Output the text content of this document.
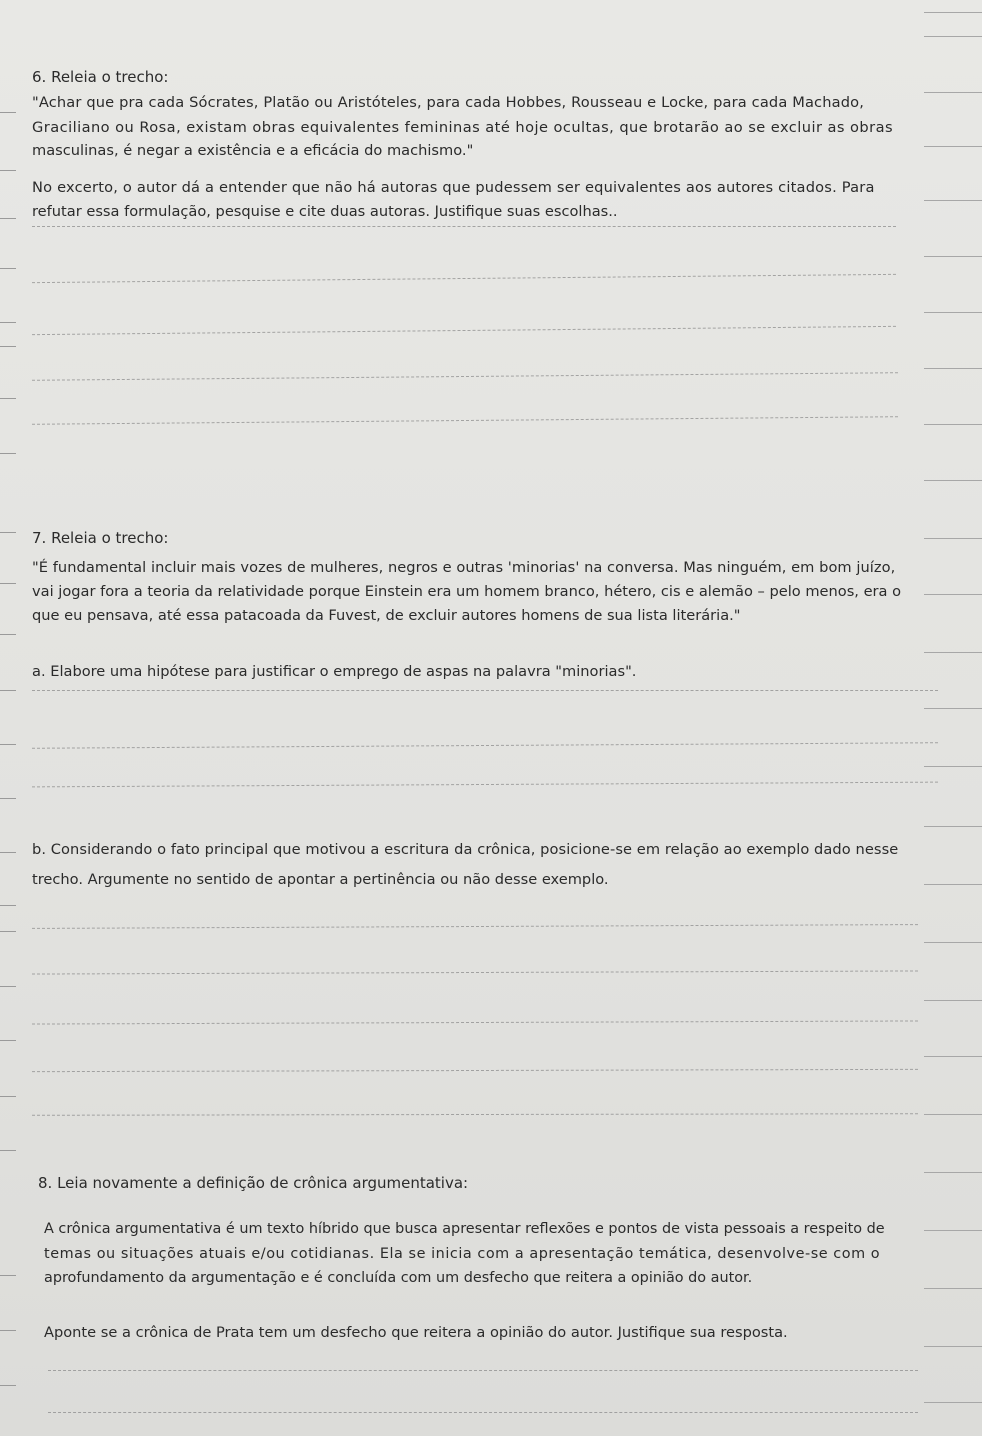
6. Releia o trecho:
"Achar que pra cada Sócrates, Platão ou Aristóteles, para cada Hobbes, Rousseau e Locke, para cada Machado,
Graciliano ou Rosa, existam obras equivalentes femininas até hoje ocultas, que brotarão ao se excluir as obras
masculinas, é negar a existência e a eficácia do machismo."
No excerto, o autor dá a entender que não há autoras que pudessem ser equivalentes aos autores citados. Para
refutar essa formulação, pesquise e cite duas autoras. Justifique suas escolhas..
7. Releia o trecho:
"É fundamental incluir mais vozes de mulheres, negros e outras 'minorias' na conversa. Mas ninguém, em bom juízo,
vai jogar fora a teoria da relatividade porque Einstein era um homem branco, hétero, cis e alemão – pelo menos, era o
que eu pensava, até essa patacoada da Fuvest, de excluir autores homens de sua lista literária."
a. Elabore uma hipótese para justificar o emprego de aspas na palavra "minorias".
b. Considerando o fato principal que motivou a escritura da crônica, posicione-se em relação ao exemplo dado nesse
trecho. Argumente no sentido de apontar a pertinência ou não desse exemplo.
8. Leia novamente a definição de crônica argumentativa:
A crônica argumentativa é um texto híbrido que busca apresentar reflexões e pontos de vista pessoais a respeito de
temas ou situações atuais e/ou cotidianas. Ela se inicia com a apresentação temática, desenvolve-se com o
aprofundamento da argumentação e é concluída com um desfecho que reitera a opinião do autor.
Aponte se a crônica de Prata tem um desfecho que reitera a opinião do autor. Justifique sua resposta.
